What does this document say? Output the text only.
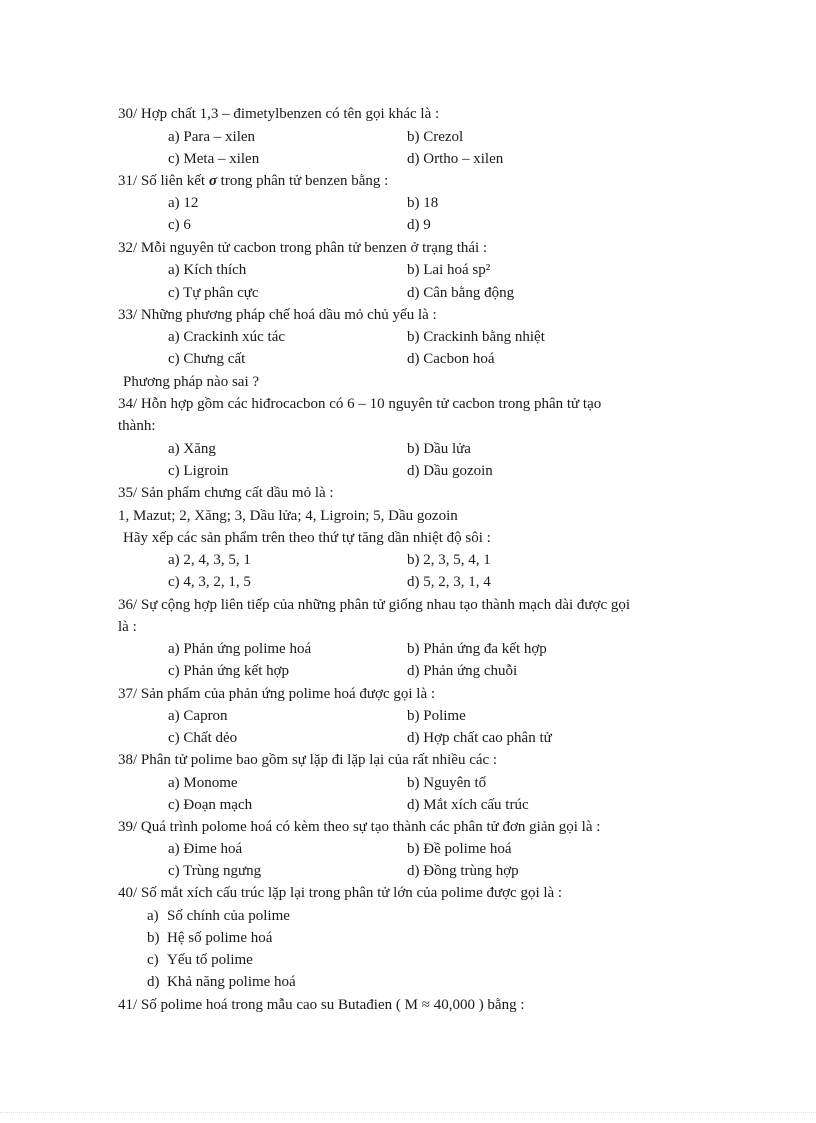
30/ Hợp chất 1,3 – đimetylbenzen có tên gọi khác là :
a) Para – xilen	b) Crezol
c) Meta – xilen	d) Ortho – xilen
31/ Số liên kết σ trong phân tử benzen bằng :
a) 12	b) 18
c) 6	d) 9
32/ Mỗi nguyên tử cacbon trong phân tử benzen ở trạng thái :
a) Kích thích	b) Lai hoá sp²
c) Tự phân cực	d) Cân bằng động
33/ Những phương pháp chế hoá dầu mỏ chủ yếu là :
a) Crackinh xúc tác	b) Crackinh bằng nhiệt
c) Chưng cất	d) Cacbon hoá
Phương pháp nào sai ?
34/ Hỗn hợp gồm các hiđrocacbon có 6 – 10 nguyên tử cacbon trong phân tử tạo
thành:
a) Xăng	b) Dầu lửa
c) Ligroin	d) Dầu gozoin
35/ Sản phẩm chưng cất dầu mỏ là :
1, Mazut; 2, Xăng; 3, Dầu lửa; 4, Ligroin; 5, Dầu gozoin
Hãy xếp các sản phẩm trên theo thứ tự tăng dần nhiệt độ sôi :
a) 2, 4, 3, 5, 1	b) 2, 3, 5, 4, 1
c) 4, 3, 2, 1, 5	d) 5, 2, 3, 1, 4
36/ Sự cộng hợp liên tiếp của những phân tử giống nhau tạo thành mạch dài được gọi
là :
a) Phản ứng polime hoá	b) Phản ứng đa kết hợp
c) Phản ứng kết hợp	d) Phản ứng chuỗi
37/ Sản phẩm của phản ứng polime hoá được gọi là :
a) Capron	b) Polime
c) Chất dẻo	d) Hợp chất cao phân tử
38/ Phân tử polime bao gồm sự lặp đi lặp lại của rất nhiều các :
a) Monome	b) Nguyên tố
c) Đoạn mạch	d) Mắt xích cấu trúc
39/ Quá trình polome hoá có kèm theo sự tạo thành các phân tử đơn giản gọi là :
a) Đime hoá	b) Đề polime hoá
c) Trùng ngưng	d) Đồng trùng hợp
40/ Số mắt xích cấu trúc lặp lại trong phân tử lớn của polime được gọi là :
a) Số chính của polime
b) Hệ số polime hoá
c) Yếu tố polime
d) Khả năng polime hoá
41/ Số polime hoá trong mẫu cao su Butađien ( M ≈ 40,000 ) bằng :
